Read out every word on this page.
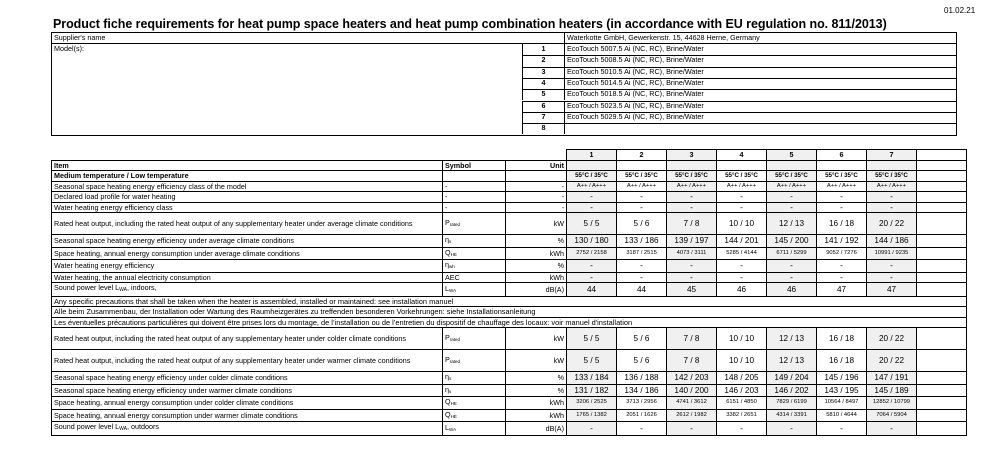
01.02.21
Product fiche requirements for heat pump space heaters and heat pump combination heaters (in accordance with EU regulation no. 811/2013)
Supplier's name	Waterkotte GmbH, Gewerkenstr. 15, 44628 Herne, Germany
Model(s):	1	EcoTouch 5007.5 Ai (NC, RC), Brine/Water
2	EcoTouch 5008.5 Ai (NC, RC), Brine/Water
3	EcoTouch 5010.5 Ai (NC, RC), Brine/Water
4	EcoTouch 5014.5 Ai (NC, RC), Brine/Water
5	EcoTouch 5018.5 Ai (NC, RC), Brine/Water
6	EcoTouch 5023.5 Ai (NC, RC), Brine/Water
7	EcoTouch 5029.5 Ai (NC, RC), Brine/Water
8
			1	2	3	4	5	6	7	
Item	Symbol	Unit								
Medium temperature / Low temperature			55°C / 35°C	55°C / 35°C	55°C / 35°C	55°C / 35°C	55°C / 35°C	55°C / 35°C	55°C / 35°C	
Seasonal space heating energy efficiency class of the model	-	-	A++ / A+++	A++ / A+++	A++ / A+++	A++ / A+++	A++ / A+++	A++ / A+++	A++ / A+++	
Declared load profile for water heating	-	-	-	-	-	-	-	-	-	
Water heating energy efficiency class	-	-	-	-	-	-	-	-	-	
Rated heat output, including the rated heat output of any supplementary heater under average climate conditions	$P_{rated}$	kW	5 / 5	5 / 6	7 / 8	10 / 10	12 / 13	16 / 18	20 / 22	
Seasonal space heating energy efficiency under average climate conditions	$\eta_s$	%	130 / 180	133 / 186	139 / 197	144 / 201	145 / 200	141 / 192	144 / 186	
Space heating, annual energy consumption under average climate conditions	$Q_{HE}$	kWh	2752 / 2158	3187 / 2515	4073 / 3111	5285 / 4144	6711 / 5299	9052 / 7276	10991 / 9235	
Water heating energy efficiency	$\eta_{wh}$	%	-	-	-	-	-	-	-	
Water heating, the annual electricity consumption	AEC	kWh	-	-	-	-	-	-	-	
Sound power level $L_{WA}$, indoors,	$L_{WA}$	dB(A)	44	44	45	46	46	47	47	
Any specific precautions that shall be taken when the heater is assembled, installed or maintained: see installation manuel										
Alle beim Zusammenbau, der Installation oder Wartung des Raumheizgerätes zu treffenden besonderen Vorkehrungen: siehe Installationsanleitung										
Les éventuelles précautions particulières qui doivent être prises lors du montage, de l’installation ou de l’entretien du dispositif de chauffage des locaux: voir manuel d'installation										
Rated heat output, including the rated heat output of any supplementary heater under colder climate conditions	$P_{rated}$	kW	5 / 5	5 / 6	7 / 8	10 / 10	12 / 13	16 / 18	20 / 22	
Rated heat output, including the rated heat output of any supplementary heater under warmer climate conditions	$P_{rated}$	kW	5 / 5	5 / 6	7 / 8	10 / 10	12 / 13	16 / 18	20 / 22	
Seasonal space heating energy efficiency under colder climate conditions	$\eta_s$	%	133 / 184	136 / 188	142 / 203	148 / 205	149 / 204	145 / 196	147 / 191	
Seasonal space heating energy efficiency under warmer climate conditions	$\eta_s$	%	131 / 182	134 / 186	140 / 200	146 / 203	146 / 202	143 / 195	145 / 189	
Space heating, annual energy consumption under colder climate conditions	$Q_{HE}$	kWh	3206 / 2525	3713 / 2956	4741 / 3612	6151 / 4850	7829 / 6199	10564 / 8497	12852 / 10799	
Space heating, annual energy consumption under warmer climate conditions	$Q_{HE}$	kWh	1765 / 1382	2051 / 1626	2612 / 1982	3382 / 2651	4314 / 3391	5810 / 4644	7064 / 5904	
Sound power level $L_{WA}$, outdoors	$L_{WA}$	dB(A)	-	-	-	-	-	-	-	
